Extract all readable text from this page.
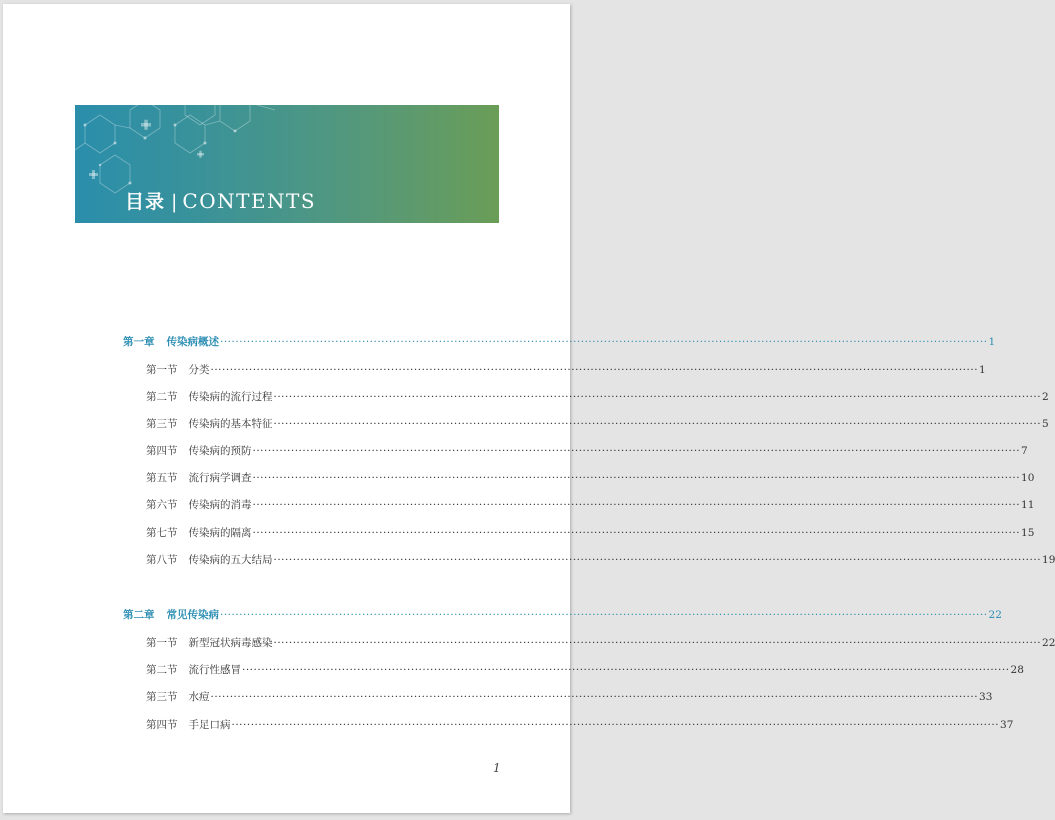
目录 | CONTENTS
第一章 传染病概述 ········································································································································································································ 1
第一节 分类 ········································································································································································································ 1
第二节 传染病的流行过程 ········································································································································································································ 2
第三节 传染病的基本特征 ········································································································································································································ 5
第四节 传染病的预防 ········································································································································································································ 7
第五节 流行病学调查 ········································································································································································································ 10
第六节 传染病的消毒 ········································································································································································································ 11
第七节 传染病的隔离 ········································································································································································································ 15
第八节 传染病的五大结局 ········································································································································································································ 19
第二章 常见传染病 ········································································································································································································ 22
第一节 新型冠状病毒感染 ········································································································································································································ 22
第二节 流行性感冒 ········································································································································································································ 28
第三节 水痘 ········································································································································································································ 33
第四节 手足口病 ········································································································································································································ 37
1
